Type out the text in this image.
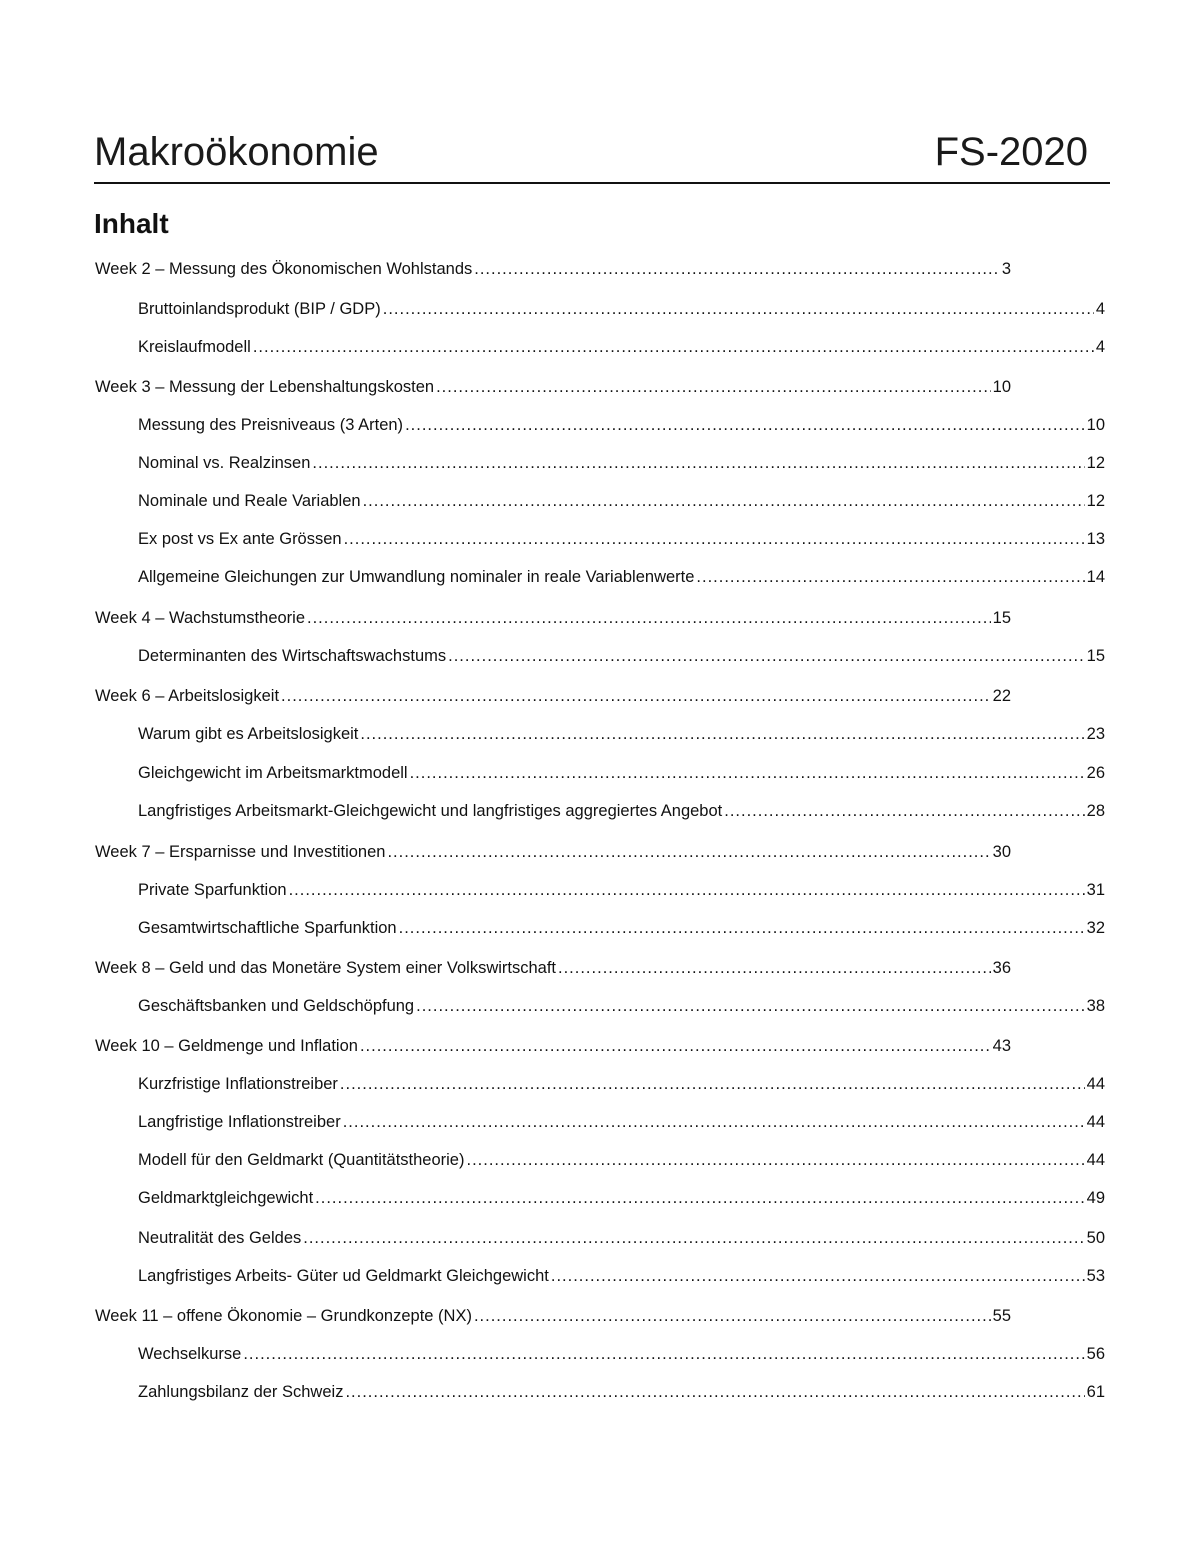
Makroökonomie	FS-2020
Inhalt
Week 2 – Messung des Ökonomischen Wohlstands .....	3
Bruttoinlandsprodukt (BIP / GDP) .....	4
Kreislaufmodell .....	4
Week 3 – Messung der Lebenshaltungskosten .....	10
Messung des Preisniveaus (3 Arten) .....	10
Nominal vs. Realzinsen .....	12
Nominale und Reale Variablen .....	12
Ex post vs Ex ante Grössen .....	13
Allgemeine Gleichungen zur Umwandlung nominaler in reale Variablenwerte .....	14
Week 4 – Wachstumstheorie .....	15
Determinanten des Wirtschaftswachstums .....	15
Week 6 – Arbeitslosigkeit .....	22
Warum gibt es Arbeitslosigkeit .....	23
Gleichgewicht im Arbeitsmarktmodell .....	26
Langfristiges Arbeitsmarkt-Gleichgewicht und langfristiges aggregiertes Angebot .....	28
Week 7 – Ersparnisse und Investitionen .....	30
Private Sparfunktion .....	31
Gesamtwirtschaftliche Sparfunktion .....	32
Week 8 – Geld und das Monetäre System einer Volkswirtschaft .....	36
Geschäftsbanken und Geldschöpfung .....	38
Week 10 – Geldmenge und Inflation .....	43
Kurzfristige Inflationstreiber .....	44
Langfristige Inflationstreiber .....	44
Modell für den Geldmarkt (Quantitätstheorie) .....	44
Geldmarktgleichgewicht .....	49
Neutralität des Geldes .....	50
Langfristiges Arbeits- Güter ud Geldmarkt Gleichgewicht .....	53
Week 11 – offene Ökonomie – Grundkonzepte (NX) .....	55
Wechselkurse .....	56
Zahlungsbilanz der Schweiz .....	61
